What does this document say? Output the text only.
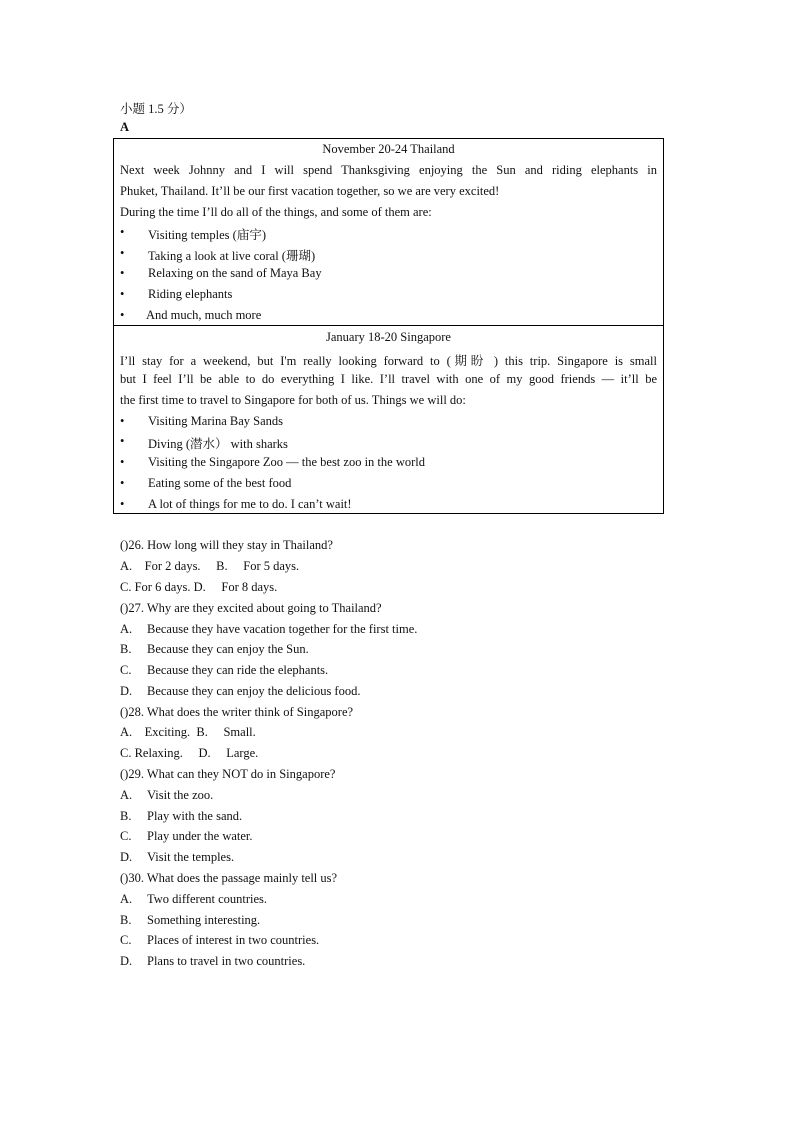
小题 1.5 分）
A
November 20-24 Thailand
Next week Johnny and I will spend Thanksgiving enjoying the Sun and riding elephants in
Phuket, Thailand. It’ll be our first vacation together, so we are very excited!
During the time I’ll do all of the things, and some of them are:
• Visiting temples (庙宇)
• Taking a look at live coral (珊瑚)
• Relaxing on the sand of Maya Bay
• Riding elephants
• And much, much more
January 18-20 Singapore
I’ll stay for a weekend, but I'm really looking forward to (期盼 ) this trip. Singapore is small
but I feel I’ll be able to do everything I like. I’ll travel with one of my good friends — it’ll be
the first time to travel to Singapore for both of us. Things we will do:
• Visiting Marina Bay Sands
• Diving (潜水） with sharks
• Visiting the Singapore Zoo — the best zoo in the world
• Eating some of the best food
• A lot of things for me to do. I can’t wait!
()26. How long will they stay in Thailand?
A.    For 2 days.     B.     For 5 days.
C. For 6 days. D.     For 8 days.
()27. Why are they excited about going to Thailand?
A. Because they have vacation together for the first time.
B. Because they can enjoy the Sun.
C. Because they can ride the elephants.
D. Because they can enjoy the delicious food.
()28. What does the writer think of Singapore?
A.    Exciting.  B.     Small.
C. Relaxing.     D.     Large.
()29. What can they NOT do in Singapore?
A. Visit the zoo.
B. Play with the sand.
C. Play under the water.
D. Visit the temples.
()30. What does the passage mainly tell us?
A. Two different countries.
B. Something interesting.
C. Places of interest in two countries.
D. Plans to travel in two countries.
